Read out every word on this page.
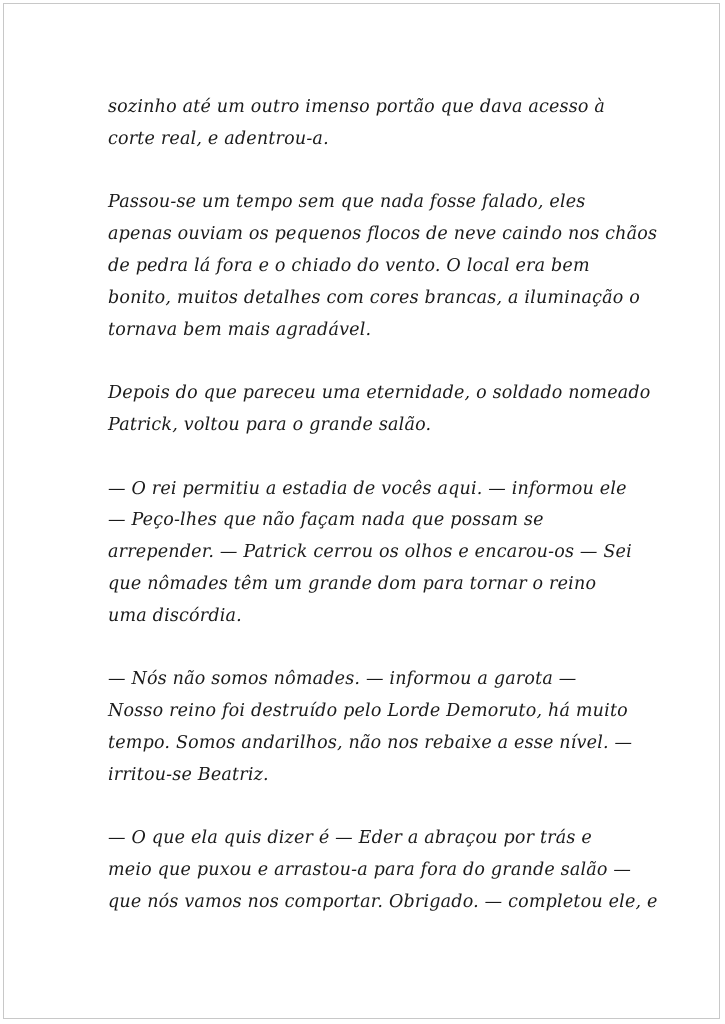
sozinho até um outro imenso portão que dava acesso à
corte real, e adentrou-a.
Passou-se um tempo sem que nada fosse falado, eles
apenas ouviam os pequenos flocos de neve caindo nos chãos
de pedra lá fora e o chiado do vento. O local era bem
bonito, muitos detalhes com cores brancas, a iluminação o
tornava bem mais agradável.
Depois do que pareceu uma eternidade, o soldado nomeado
Patrick, voltou para o grande salão.
— O rei permitiu a estadia de vocês aqui. — informou ele
— Peço-lhes que não façam nada que possam se
arrepender. — Patrick cerrou os olhos e encarou-os — Sei
que nômades têm um grande dom para tornar o reino
uma discórdia.
— Nós não somos nômades. — informou a garota —
Nosso reino foi destruído pelo Lorde Demoruto, há muito
tempo. Somos andarilhos, não nos rebaixe a esse nível. —
irritou-se Beatriz.
— O que ela quis dizer é — Eder a abraçou por trás e
meio que puxou e arrastou-a para fora do grande salão —
que nós vamos nos comportar. Obrigado. — completou ele, e
